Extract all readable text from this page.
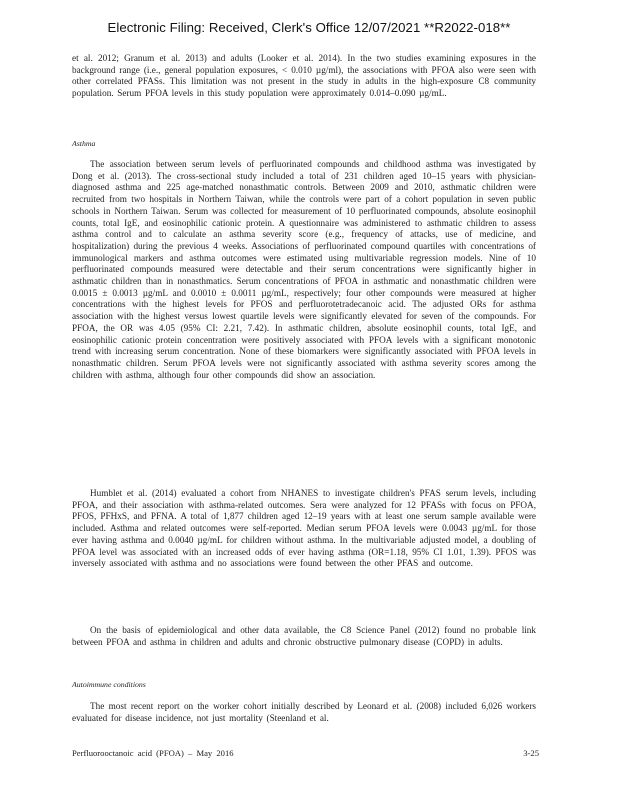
Electronic Filing: Received, Clerk's Office 12/07/2021 **R2022-018**

et al. 2012; Granum et al. 2013) and adults (Looker et al. 2014). In the two studies examining exposures in the background range (i.e., general population exposures, < 0.010 µg/ml), the associations with PFOA also were seen with other correlated PFASs. This limitation was not present in the study in adults in the high-exposure C8 community population. Serum PFOA levels in this study population were approximately 0.014–0.090 µg/mL.

Asthma

The association between serum levels of perfluorinated compounds and childhood asthma was investigated by Dong et al. (2013). The cross-sectional study included a total of 231 children aged 10–15 years with physician-diagnosed asthma and 225 age-matched nonasthmatic controls. Between 2009 and 2010, asthmatic children were recruited from two hospitals in Northern Taiwan, while the controls were part of a cohort population in seven public schools in Northern Taiwan. Serum was collected for measurement of 10 perfluorinated compounds, absolute eosinophil counts, total IgE, and eosinophilic cationic protein. A questionnaire was administered to asthmatic children to assess asthma control and to calculate an asthma severity score (e.g., frequency of attacks, use of medicine, and hospitalization) during the previous 4 weeks. Associations of perfluorinated compound quartiles with concentrations of immunological markers and asthma outcomes were estimated using multivariable regression models. Nine of 10 perfluorinated compounds measured were detectable and their serum concentrations were significantly higher in asthmatic children than in nonasthmatics. Serum concentrations of PFOA in asthmatic and nonasthmatic children were 0.0015 ± 0.0013 µg/mL and 0.0010 ± 0.0011 µg/mL, respectively; four other compounds were measured at higher concentrations with the highest levels for PFOS and perfluorotetradecanoic acid. The adjusted ORs for asthma association with the highest versus lowest quartile levels were significantly elevated for seven of the compounds. For PFOA, the OR was 4.05 (95% CI: 2.21, 7.42). In asthmatic children, absolute eosinophil counts, total IgE, and eosinophilic cationic protein concentration were positively associated with PFOA levels with a significant monotonic trend with increasing serum concentration. None of these biomarkers were significantly associated with PFOA levels in nonasthmatic children. Serum PFOA levels were not significantly associated with asthma severity scores among the children with asthma, although four other compounds did show an association.

Humblet et al. (2014) evaluated a cohort from NHANES to investigate children's PFAS serum levels, including PFOA, and their association with asthma-related outcomes. Sera were analyzed for 12 PFASs with focus on PFOA, PFOS, PFHxS, and PFNA. A total of 1,877 children aged 12–19 years with at least one serum sample available were included. Asthma and related outcomes were self-reported. Median serum PFOA levels were 0.0043 µg/mL for those ever having asthma and 0.0040 µg/mL for children without asthma. In the multivariable adjusted model, a doubling of PFOA level was associated with an increased odds of ever having asthma (OR=1.18, 95% CI 1.01, 1.39). PFOS was inversely associated with asthma and no associations were found between the other PFAS and outcome.

On the basis of epidemiological and other data available, the C8 Science Panel (2012) found no probable link between PFOA and asthma in children and adults and chronic obstructive pulmonary disease (COPD) in adults.

Autoimmune conditions

The most recent report on the worker cohort initially described by Leonard et al. (2008) included 6,026 workers evaluated for disease incidence, not just mortality (Steenland et al.

Perfluorooctanoic acid (PFOA) – May 2016	3-25
